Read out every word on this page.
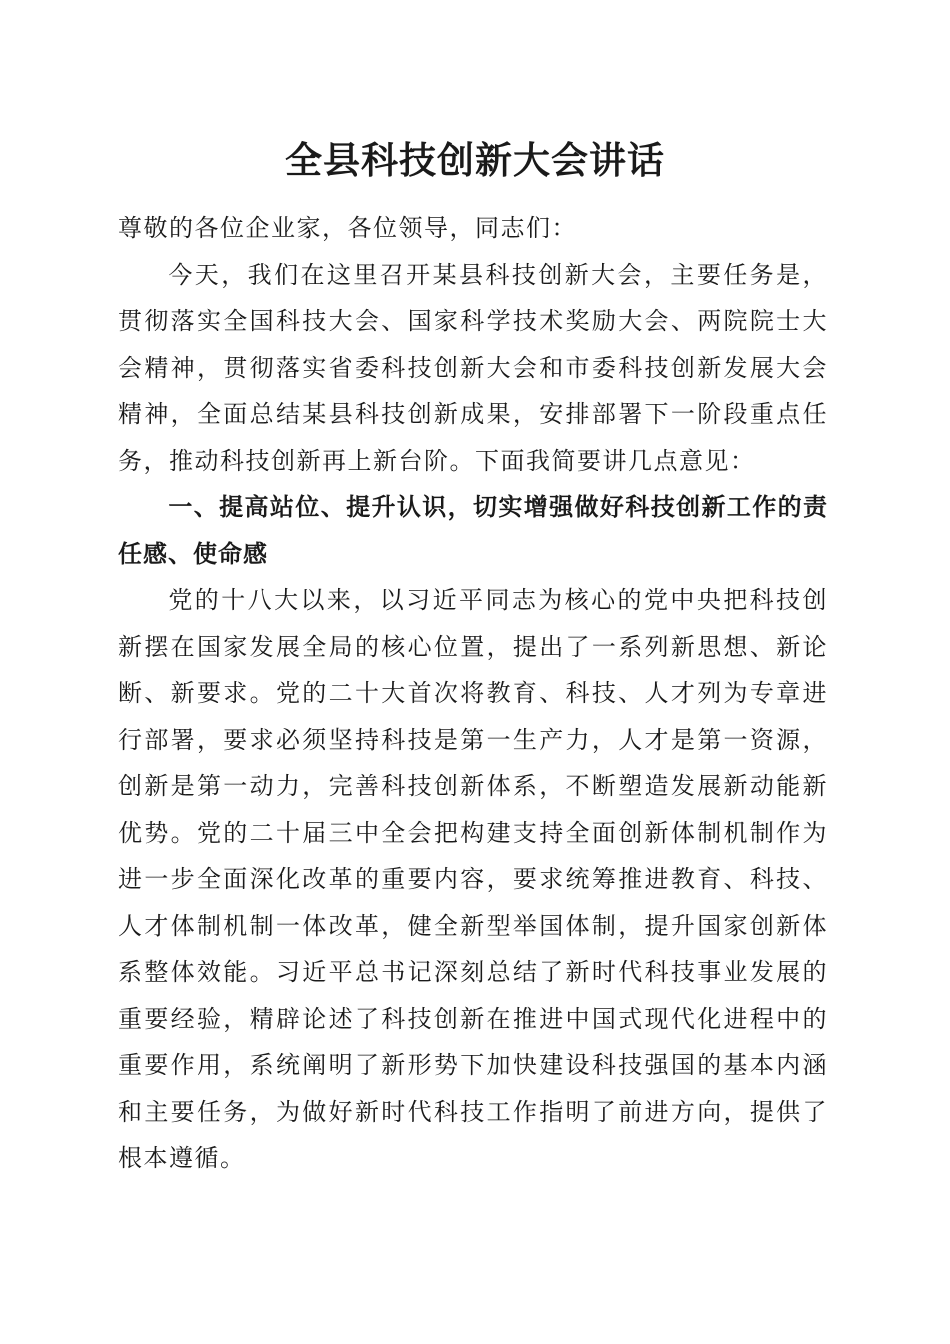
全县科技创新大会讲话

尊敬的各位企业家，各位领导，同志们：

今天，我们在这里召开某县科技创新大会，主要任务是，贯彻落实全国科技大会、国家科学技术奖励大会、两院院士大会精神，贯彻落实省委科技创新大会和市委科技创新发展大会精神，全面总结某县科技创新成果，安排部署下一阶段重点任务，推动科技创新再上新台阶。下面我简要讲几点意见：

一、提高站位、提升认识，切实增强做好科技创新工作的责任感、使命感

党的十八大以来，以习近平同志为核心的党中央把科技创新摆在国家发展全局的核心位置，提出了一系列新思想、新论断、新要求。党的二十大首次将教育、科技、人才列为专章进行部署，要求必须坚持科技是第一生产力，人才是第一资源，创新是第一动力，完善科技创新体系，不断塑造发展新动能新优势。党的二十届三中全会把构建支持全面创新体制机制作为进一步全面深化改革的重要内容，要求统筹推进教育、科技、人才体制机制一体改革，健全新型举国体制，提升国家创新体系整体效能。习近平总书记深刻总结了新时代科技事业发展的重要经验，精辟论述了科技创新在推进中国式现代化进程中的重要作用，系统阐明了新形势下加快建设科技强国的基本内涵和主要任务，为做好新时代科技工作指明了前进方向，提供了根本遵循。
